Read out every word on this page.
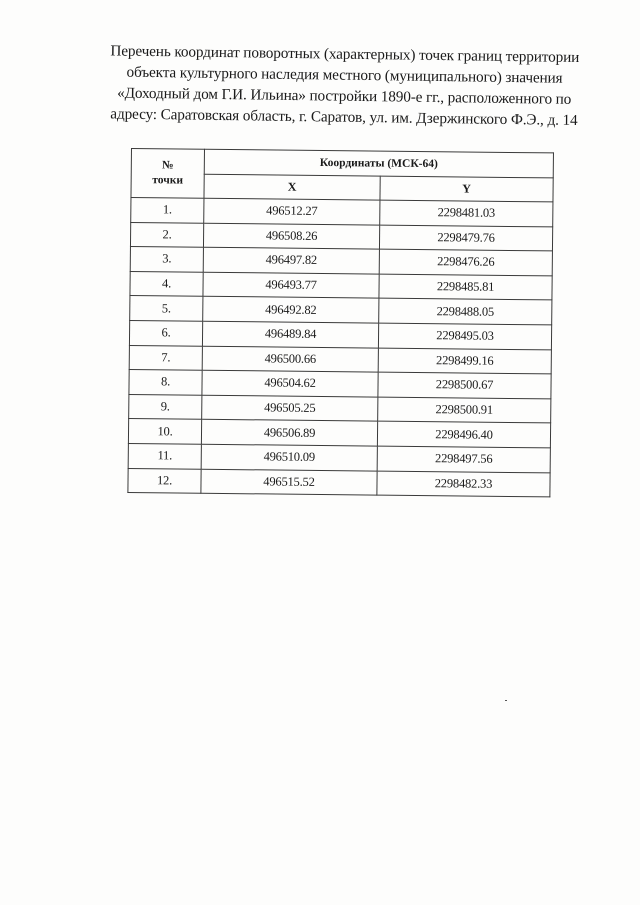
Перечень координат поворотных (характерных) точек границ территории
объекта культурного наследия местного (муниципального) значения
«Доходный дом Г.И. Ильина» постройки 1890-е гг., расположенного по
адресу: Саратовская область, г. Саратов, ул. им. Дзержинского Ф.Э., д. 14
№
точки	Координаты (МСК-64)	
	X	Y
1.	496512.27	2298481.03
2.	496508.26	2298479.76
3.	496497.82	2298476.26
4.	496493.77	2298485.81
5.	496492.82	2298488.05
6.	496489.84	2298495.03
7.	496500.66	2298499.16
8.	496504.62	2298500.67
9.	496505.25	2298500.91
10.	496506.89	2298496.40
11.	496510.09	2298497.56
12.	496515.52	2298482.33
